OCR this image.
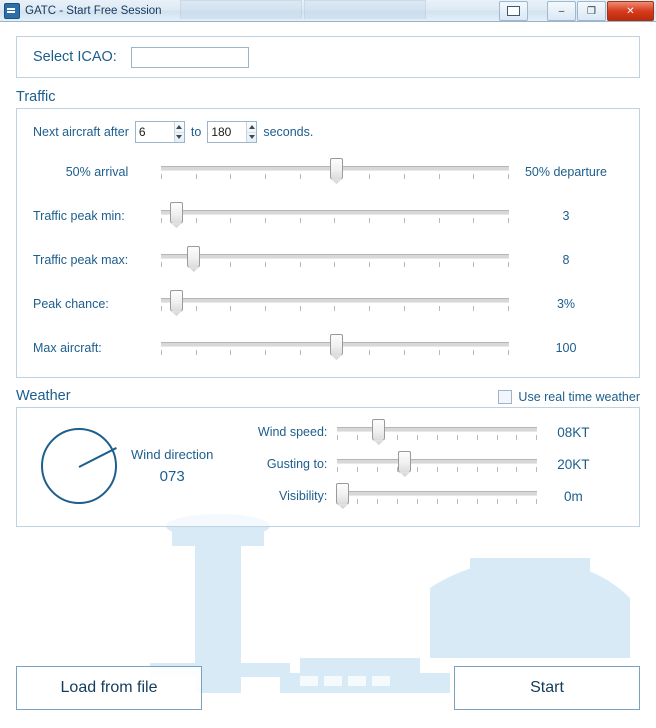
GATC - Start Free Session	–	❐	✕
Select ICAO:
Traffic
Next aircraft after
6	to
180	seconds.
50% arrival	50% departure
Traffic peak min:	3
Traffic peak max:	8
Peak chance:	3%
Max aircraft:	100
Weather	Use real time weather
Wind direction
073
Wind speed:	08KT
Gusting to:	20KT
Visibility:	0m
Load from file	Start
